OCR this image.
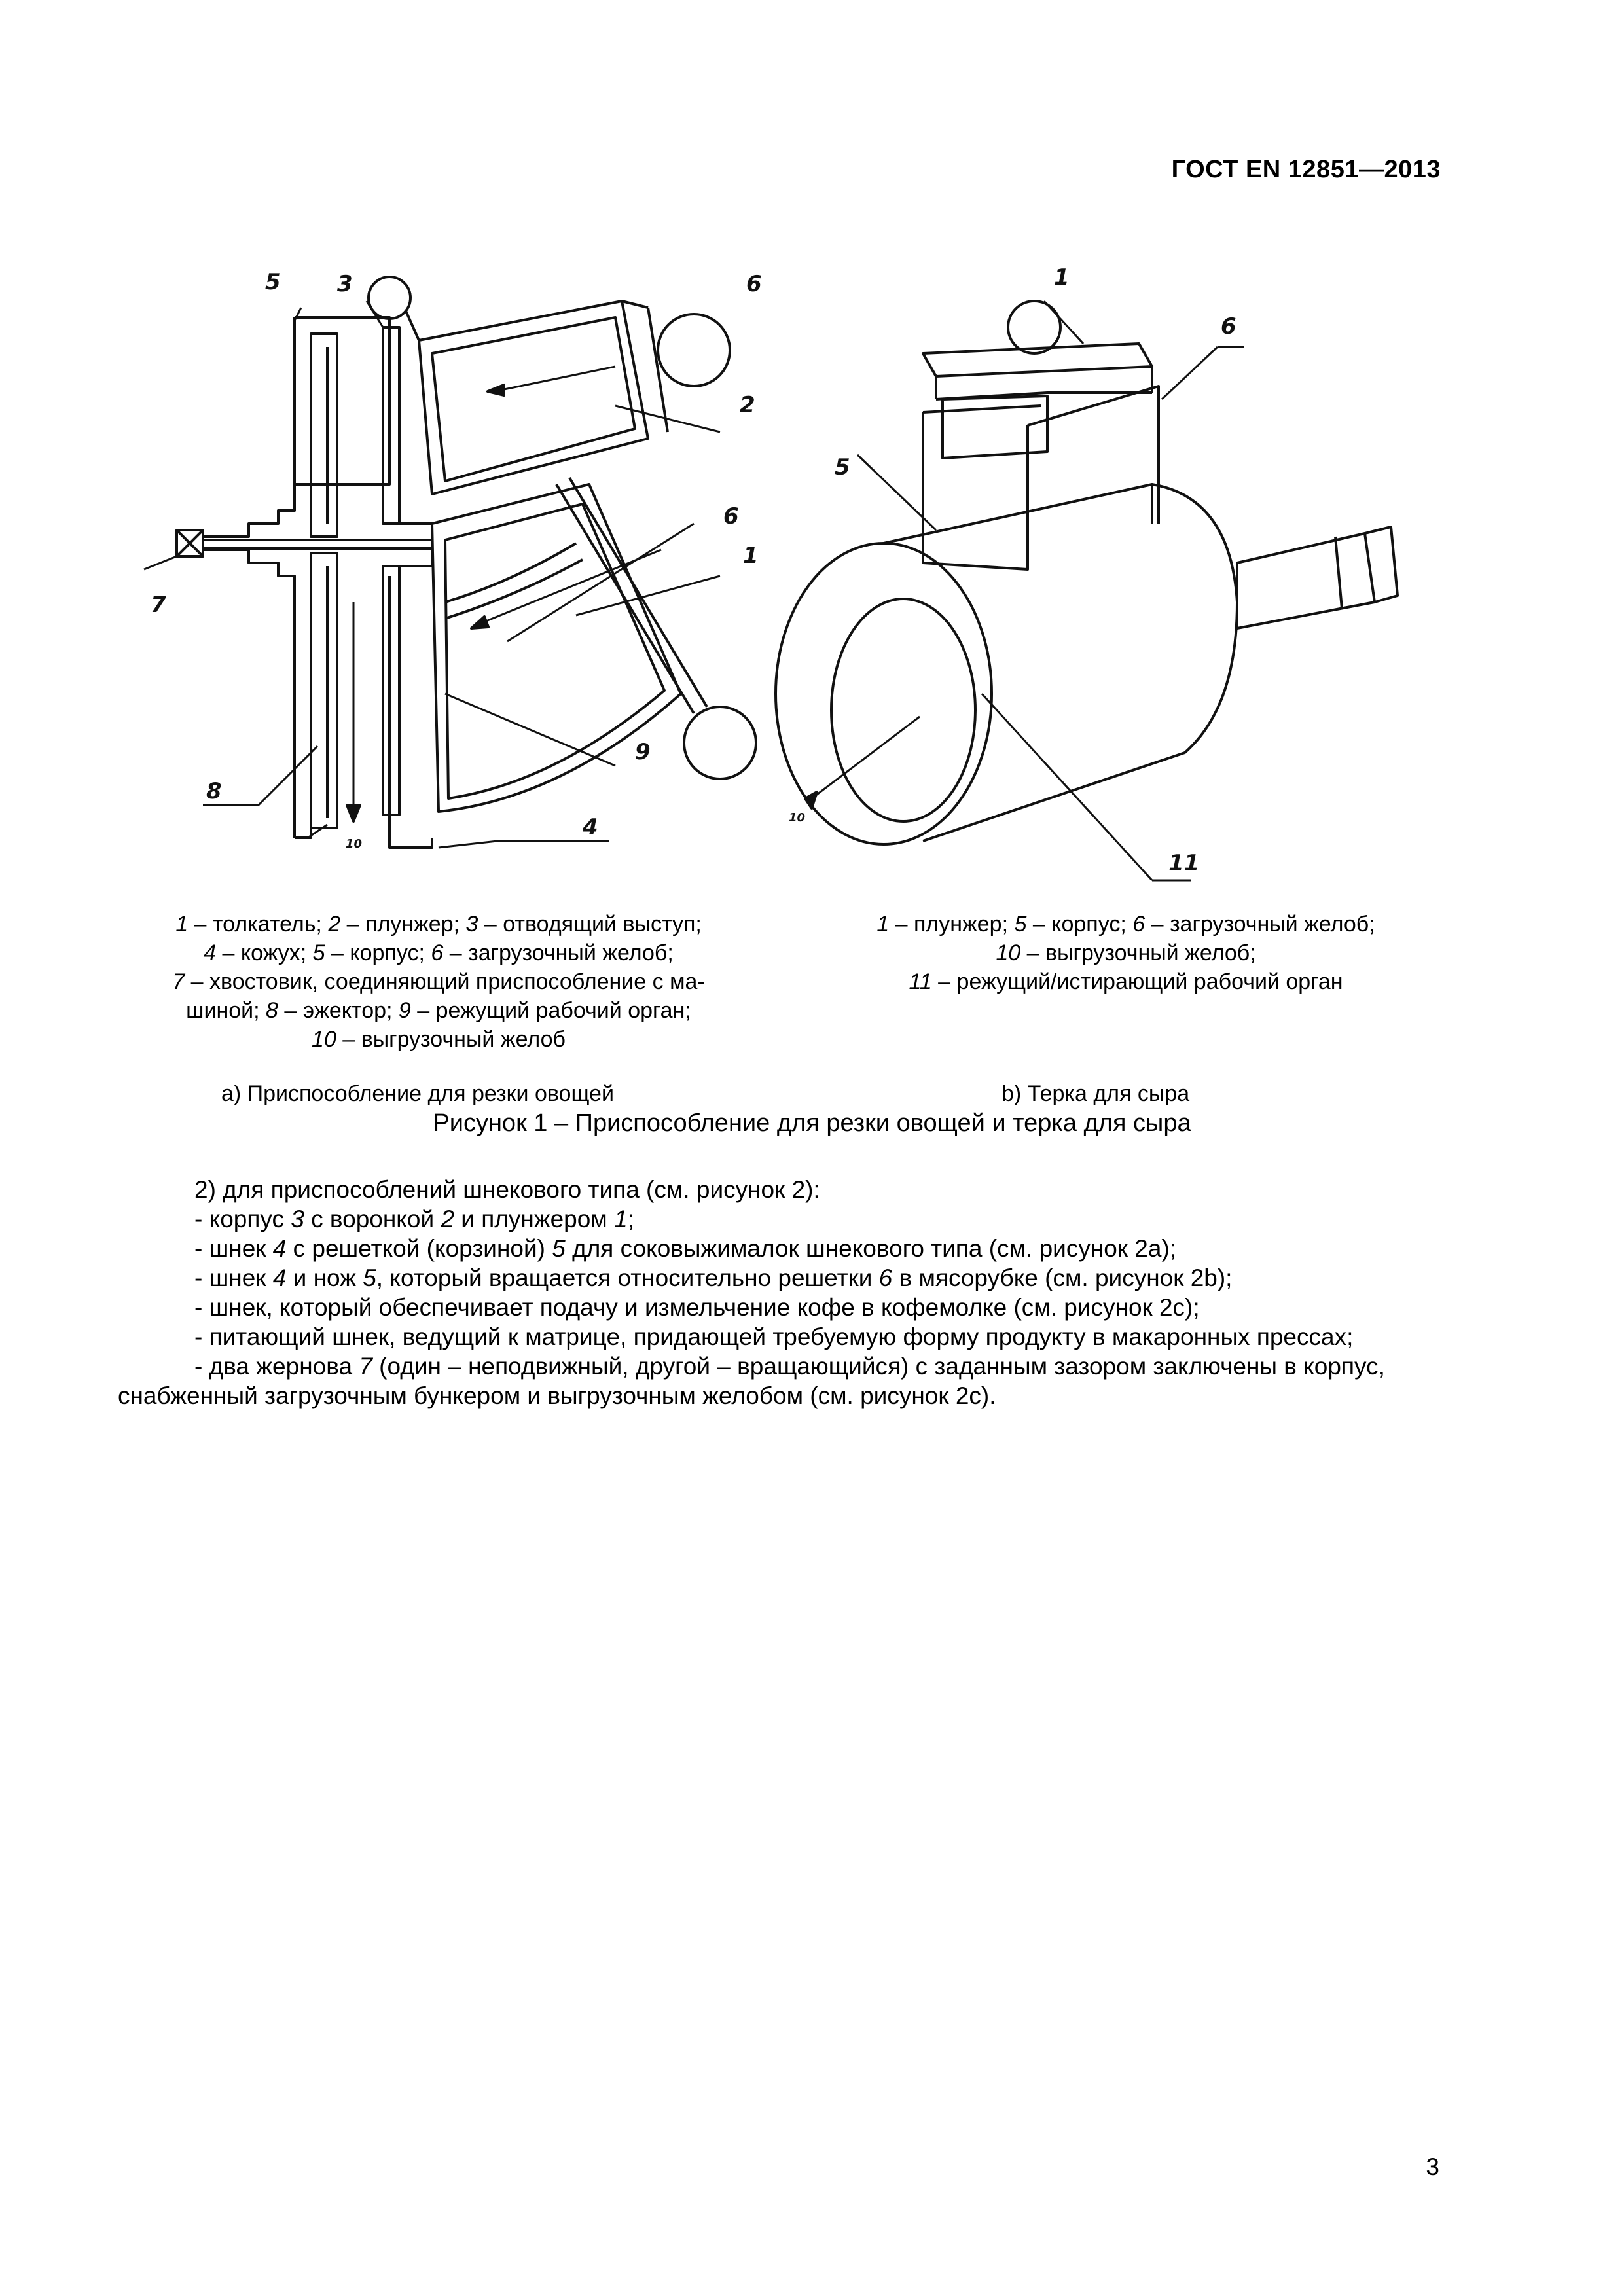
ГОСТ EN 12851—2013
5	3	6
2
6
1
7
8
9
4
10
1
6
5
10
11
1 – толкатель; 2 – плунжер; 3 – отводящий выступ;
4 – кожух; 5 – корпус; 6 – загрузочный желоб;
7 – хвостовик, соединяющий приспособление с ма-
шиной; 8 – эжектор; 9 – режущий рабочий орган;
10 – выгрузочный желоб
1 – плунжер; 5 – корпус; 6 – загрузочный желоб;
10 – выгрузочный желоб;
11 – режущий/истирающий рабочий орган
a) Приспособление для резки овощей	b) Терка для сыра
Рисунок 1 – Приспособление для резки овощей и терка для сыра

2) для приспособлений шнекового типа (см. рисунок 2):

- корпус 3 с воронкой 2 и плунжером 1;

- шнек 4 с решеткой (корзиной) 5 для соковыжималок шнекового типа (см. рисунок 2a);

- шнек 4 и нож 5, который вращается относительно решетки 6 в мясорубке (см. рисунок 2b);

- шнек, который обеспечивает подачу и измельчение кофе в кофемолке (см. рисунок 2c);

- питающий шнек, ведущий к матрице, придающей требуемую форму продукту в макаронных прессах;

- два жернова 7 (один – неподвижный, другой – вращающийся) с заданным зазором заключены в корпус, снабженный загрузочным бункером и выгрузочным желобом (см. рисунок 2c).

3
